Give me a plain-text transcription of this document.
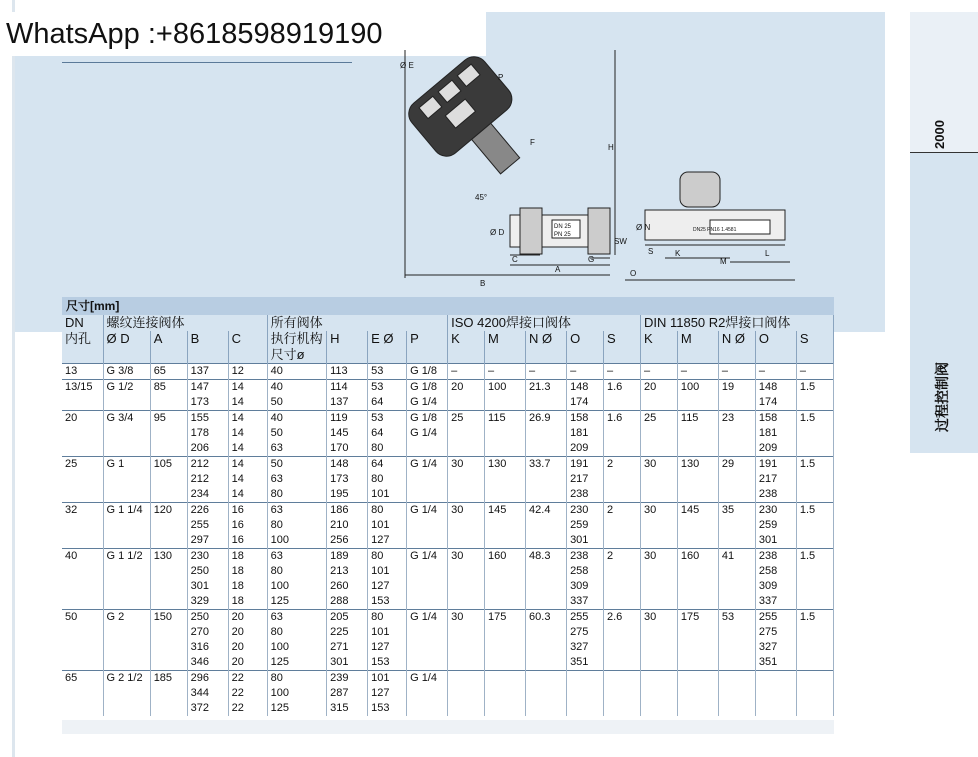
WhatsApp :+8618598919190
Ø E
P
F
H
45°
Ø D
C	G
A
B
SW
Ø N
S	K
M
L
O
DN 25
PN 25
DN25 PN16 1.4581
2000
过程控制阀
尺寸[mm]
DN	螺纹连接阀体				所有阀体				ISO 4200焊接口阀体					DIN 11850 R2焊接口阀体				
内孔	Ø D	A	B	C	执行机构尺寸ø	H	E Ø	P	K	M	N Ø	O	S	K	M	N Ø	O	S
13	G 3/8	65	137	12	40	113	53	G 1/8	–	–	–	–	–	–	–	–	–	–
13/15	G 1/2	85	147	14	40	114	53	G 1/8	20	100	21.3	148	1.6	20	100	19	148	1.5
			173	14	50	137	64	G 1/4				174					174	
20	G 3/4	95	155	14	40	119	53	G 1/8	25	115	26.9	158	1.6	25	115	23	158	1.5
			178	14	50	145	64	G 1/4				181					181	
			206	14	63	170	80					209					209	
25	G 1	105	212	14	50	148	64	G 1/4	30	130	33.7	191	2	30	130	29	191	1.5
			212	14	63	173	80					217					217	
			234	14	80	195	101					238					238	
32	G 1 1/4	120	226	16	63	186	80	G 1/4	30	145	42.4	230	2	30	145	35	230	1.5
			255	16	80	210	101					259					259	
			297	16	100	256	127					301					301	
40	G 1 1/2	130	230	18	63	189	80	G 1/4	30	160	48.3	238	2	30	160	41	238	1.5
			250	18	80	213	101					258					258	
			301	18	100	260	127					309					309	
			329	18	125	288	153					337					337	
50	G 2	150	250	20	63	205	80	G 1/4	30	175	60.3	255	2.6	30	175	53	255	1.5
			270	20	80	225	101					275					275	
			316	20	100	271	127					327					327	
			346	20	125	301	153					351					351	
65	G 2 1/2	185	296	22	80	239	101	G 1/4										
			344	22	100	287	127											
			372	22	125	315	153											
